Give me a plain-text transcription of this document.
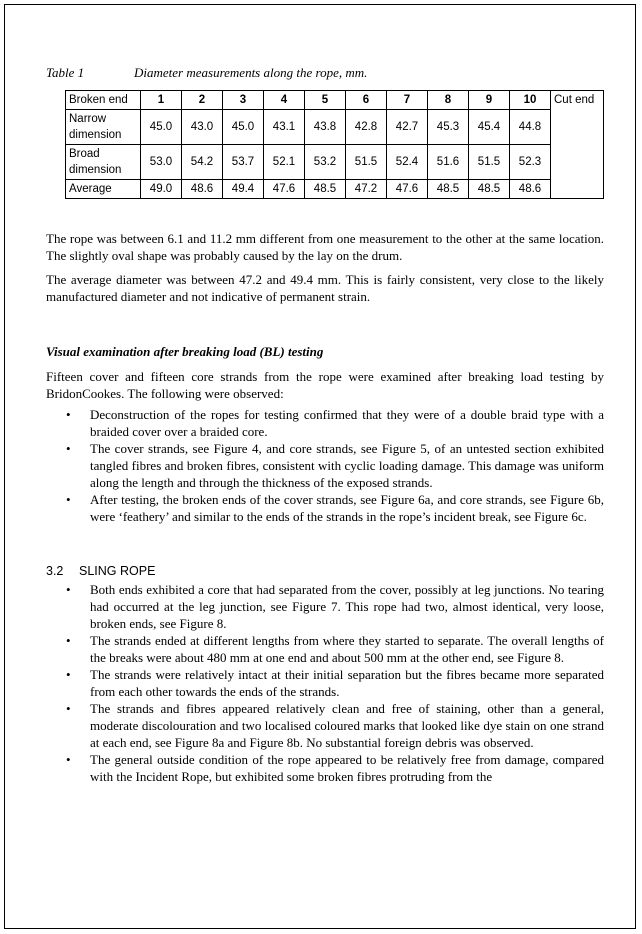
Table 1	Diameter measurements along the rope, mm.
Broken end	1	2	3	4	5	6	7	8	9	10	Cut end
Narrow dimension	45.0	43.0	45.0	43.1	43.8	42.8	42.7	45.3	45.4	44.8	
Broad dimension	53.0	54.2	53.7	52.1	53.2	51.5	52.4	51.6	51.5	52.3	
Average	49.0	48.6	49.4	47.6	48.5	47.2	47.6	48.5	48.5	48.6	

The rope was between 6.1 and 11.2 mm different from one measurement to the other at the same location. The slightly oval shape was probably caused by the lay on the drum.

The average diameter was between 47.2 and 49.4 mm. This is fairly consistent, very close to the likely manufactured diameter and not indicative of permanent strain.

Visual examination after breaking load (BL) testing

Fifteen cover and fifteen core strands from the rope were examined after breaking load testing by BridonCookes. The following were observed:

• Deconstruction of the ropes for testing confirmed that they were of a double braid type with a braided cover over a braided core.
• The cover strands, see Figure 4, and core strands, see Figure 5, of an untested section exhibited tangled fibres and broken fibres, consistent with cyclic loading damage. This damage was uniform along the length and through the thickness of the exposed strands.
• After testing, the broken ends of the cover strands, see Figure 6a, and core strands, see Figure 6b, were ‘feathery’ and similar to the ends of the strands in the rope’s incident break, see Figure 6c.
3.2 SLING ROPE
• Both ends exhibited a core that had separated from the cover, possibly at leg junctions. No tearing had occurred at the leg junction, see Figure 7. This rope had two, almost identical, very loose, broken ends, see Figure 8.
• The strands ended at different lengths from where they started to separate. The overall lengths of the breaks were about 480 mm at one end and about 500 mm at the other end, see Figure 8.
• The strands were relatively intact at their initial separation but the fibres became more separated from each other towards the ends of the strands.
• The strands and fibres appeared relatively clean and free of staining, other than a general, moderate discolouration and two localised coloured marks that looked like dye stain on one strand at each end, see Figure 8a and Figure 8b. No substantial foreign debris was observed.
• The general outside condition of the rope appeared to be relatively free from damage, compared with the Incident Rope, but exhibited some broken fibres protruding from the
